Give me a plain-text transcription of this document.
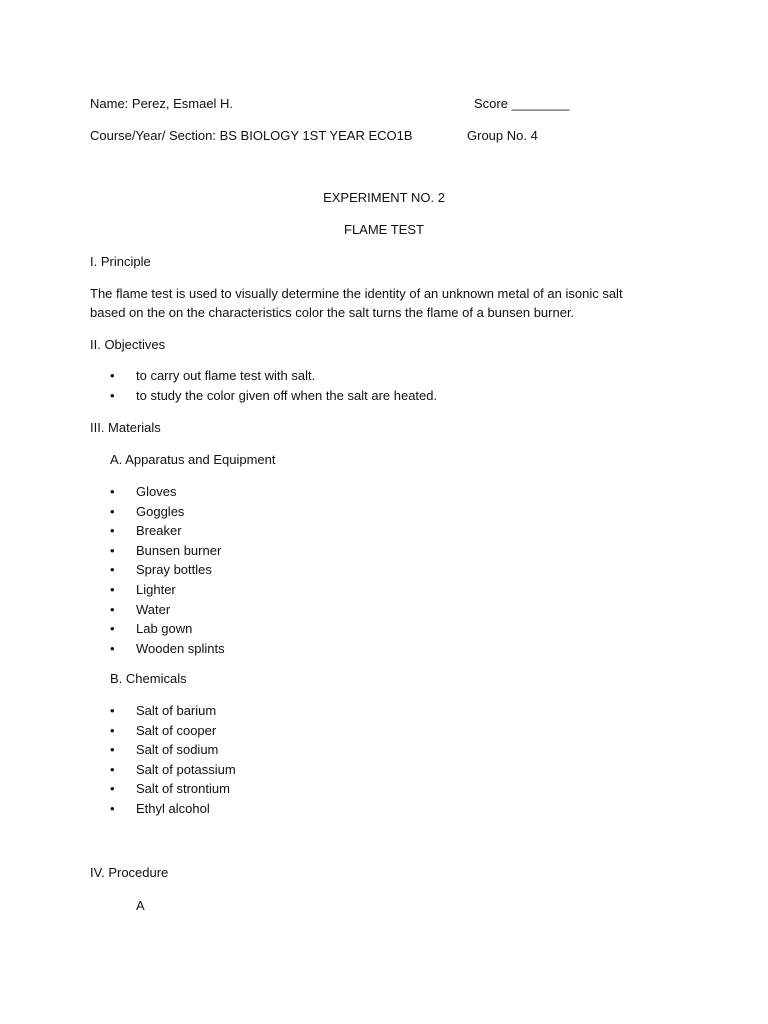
Name: Perez, Esmael H.	Score ________
Course/Year/ Section: BS BIOLOGY 1ST YEAR ECO1B	Group No. 4
EXPERIMENT NO. 2
FLAME TEST
I. Principle
The flame test is used to visually determine the identity of an unknown metal of an isonic salt
based on the on the characteristics color the salt turns the flame of a bunsen burner.
II. Objectives
• to carry out flame test with salt.
• to study the color given off when the salt are heated.
III. Materials
A. Apparatus and Equipment
• Gloves
• Goggles
• Breaker
• Bunsen burner
• Spray bottles
• Lighter
• Water
• Lab gown
• Wooden splints
B. Chemicals
• Salt of barium
• Salt of cooper
• Salt of sodium
• Salt of potassium
• Salt of strontium
• Ethyl alcohol
IV. Procedure
A
